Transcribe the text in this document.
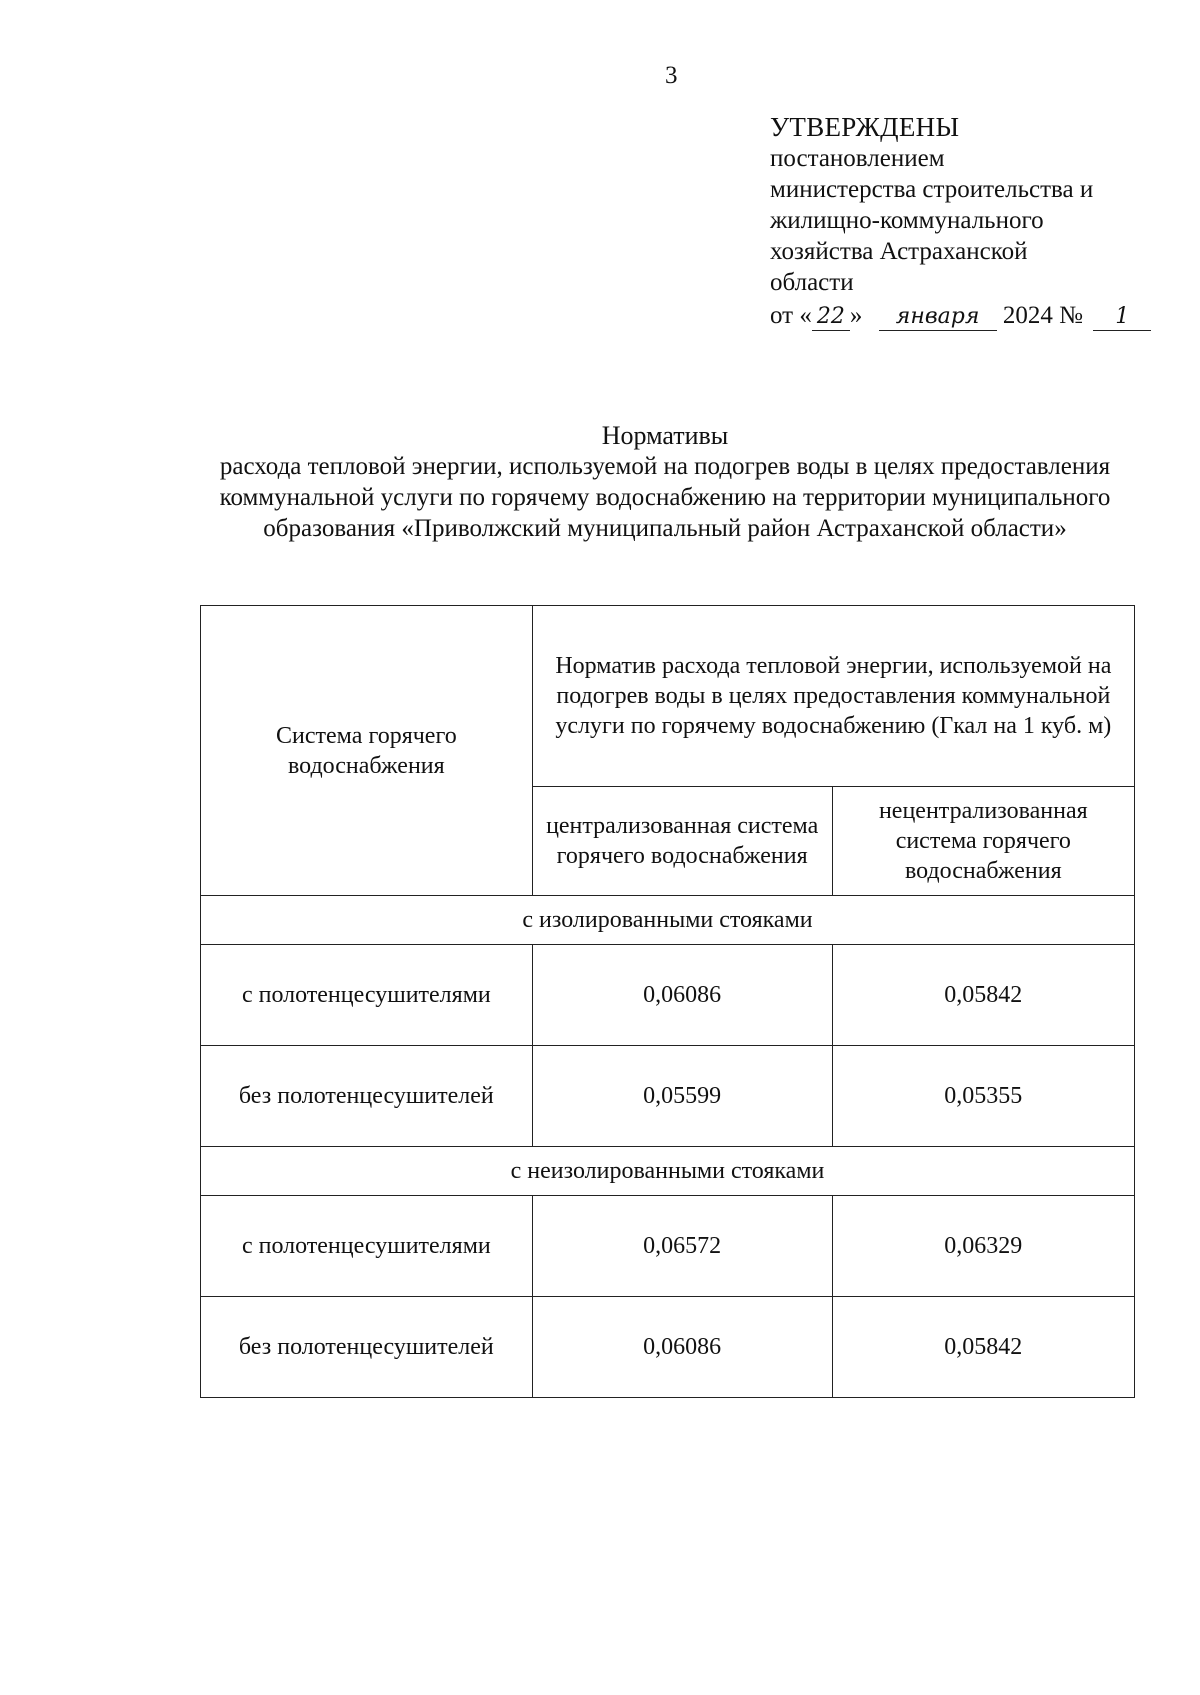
3
УТВЕРЖДЕНЫ
постановлением
министерства строительства и
жилищно-коммунального
хозяйства Астраханской
области
от « 22 » января 2024 № 1
Нормативы
расхода тепловой энергии, используемой на подогрев воды в целях предоставления коммунальной услуги по горячему водоснабжению на территории муниципального образования «Приволжский муниципальный район Астраханской области»
Системa горячего водоснабжения	Норматив расхода тепловой энергии, используемой на подогрев воды в целях предоставления коммунальной услуги по горячему водоснабжению (Гкал на 1 куб. м)	
	централизованная система горячего водоснабжения	нецентрализованная система горячего водоснабжения
с изолированными стояками		
с полотенцесушителями	0,06086	0,05842
без полотенцесушителей	0,05599	0,05355
с неизолированными стояками		
с полотенцесушителями	0,06572	0,06329
без полотенцесушителей	0,06086	0,05842
